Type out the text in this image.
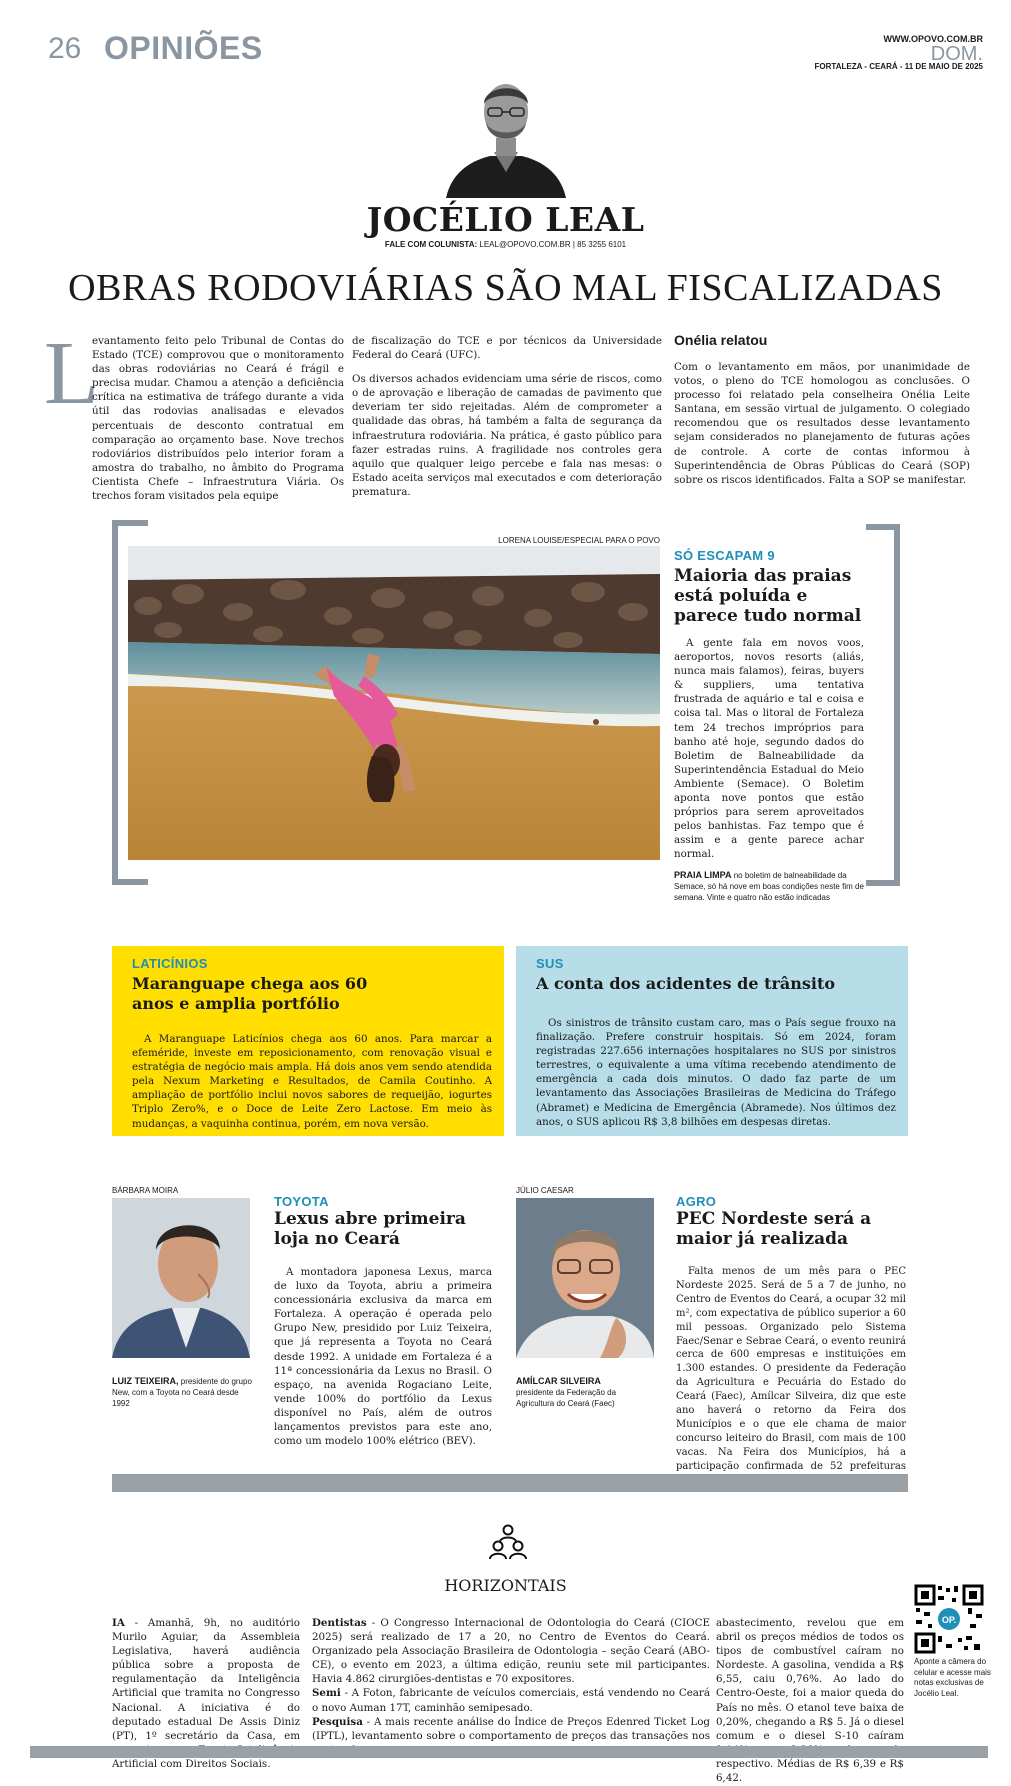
26 OPINIÕES	WWW.OPOVO.COM.BR
DOM.
FORTALEZA - CEARÁ - 11 DE MAIO DE 2025
JOCÉLIO LEAL
FALE COM COLUNISTA: LEAL@OPOVO.COM.BR | 85 3255 6101
OBRAS RODOVIÁRIAS SÃO MAL FISCALIZADAS
L
evantamento feito pelo Tribunal de Contas do Estado (TCE) comprovou que o monitoramento das obras rodoviárias no Ceará é frágil e precisa mudar. Chamou a atenção a deficiência crítica na estimativa de tráfego durante a vida útil das rodovias analisadas e elevados percentuais de desconto contratual em comparação ao orçamento base. Nove trechos rodoviários distribuídos pelo interior foram a amostra do trabalho, no âmbito do Programa Cientista Chefe – Infraestrutura Viária. Os trechos foram visitados pela equipe

de fiscalização do TCE e por técnicos da Universidade Federal do Ceará (UFC).

Os diversos achados evidenciam uma série de riscos, como o de aprovação e liberação de camadas de pavimento que deveriam ter sido rejeitadas. Além de comprometer a qualidade das obras, há também a falta de segurança da infraestrutura rodoviária. Na prática, é gasto público para fazer estradas ruins. A fragilidade nos controles gera aquilo que qualquer leigo percebe e fala nas mesas: o Estado aceita serviços mal executados e com deterioração prematura.

Onélia relatou

Com o levantamento em mãos, por unanimidade de votos, o pleno do TCE homologou as conclusões. O processo foi relatado pela conselheira Onélia Leite Santana, em sessão virtual de julgamento. O colegiado recomendou que os resultados desse levantamento sejam considerados no planejamento de futuras ações de controle. A corte de contas informou à Superintendência de Obras Públicas do Ceará (SOP) sobre os riscos identificados. Falta a SOP se manifestar.

LORENA LOUISE/ESPECIAL PARA O POVO
SÓ ESCAPAM 9
Maioria das praias está poluída e parece tudo normal

A gente fala em novos voos, aeroportos, novos resorts (aliás, nunca mais falamos), feiras, buyers & suppliers, uma tentativa frustrada de aquário e tal e coisa e coisa tal. Mas o litoral de Fortaleza tem 24 trechos impróprios para banho até hoje, segundo dados do Boletim de Balneabilidade da Superintendência Estadual do Meio Ambiente (Semace). O Boletim aponta nove pontos que estão próprios para serem aproveitados pelos banhistas. Faz tempo que é assim e a gente parece achar normal.

PRAIA LIMPA no boletim de balneabilidade da Semace, só há nove em boas condições neste fim de semana. Vinte e quatro não estão indicadas

LATICÍNIOS
Maranguape chega aos 60 anos e amplia portfólio

A Maranguape Laticínios chega aos 60 anos. Para marcar a efeméride, investe em reposicionamento, com renovação visual e estratégia de negócio mais ampla. Há dois anos vem sendo atendida pela Nexum Marketing e Resultados, de Camila Coutinho. A ampliação de portfólio inclui novos sabores de requeijão, iogurtes Triplo Zero%, e o Doce de Leite Zero Lactose. Em meio às mudanças, a vaquinha continua, porém, em nova versão.

SUS
A conta dos acidentes de trânsito

Os sinistros de trânsito custam caro, mas o País segue frouxo na finalização. Prefere construir hospitais. Só em 2024, foram registradas 227.656 internações hospitalares no SUS por sinistros terrestres, o equivalente a uma vítima recebendo atendimento de emergência a cada dois minutos. O dado faz parte de um levantamento das Associações Brasileiras de Medicina do Tráfego (Abramet) e Medicina de Emergência (Abramede). Nos últimos dez anos, o SUS aplicou R$ 3,8 bilhões em despesas diretas.

BÁRBARA MOIRA

LUIZ TEIXEIRA, presidente do grupo New, com a Toyota no Ceará desde 1992

TOYOTA
Lexus abre primeira loja no Ceará

A montadora japonesa Lexus, marca de luxo da Toyota, abriu a primeira concessionária exclusiva da marca em Fortaleza. A operação é operada pelo Grupo New, presidido por Luiz Teixeira, que já representa a Toyota no Ceará desde 1992. A unidade em Fortaleza é a 11ª concessionária da Lexus no Brasil. O espaço, na avenida Rogaciano Leite, vende 100% do portfólio da Lexus disponível no País, além de outros lançamentos previstos para este ano, como um modelo 100% elétrico (BEV).

JÚLIO CAESAR
AMÍLCAR SILVEIRA
presidente da Federação da Agricultura do Ceará (Faec)
AGRO
PEC Nordeste será a maior já realizada

Falta menos de um mês para o PEC Nordeste 2025. Será de 5 a 7 de junho, no Centro de Eventos do Ceará, a ocupar 32 mil m², com expectativa de público superior a 60 mil pessoas. Organizado pelo Sistema Faec/Senar e Sebrae Ceará, o evento reunirá cerca de 600 empresas e instituições em 1.300 estandes. O presidente da Federação da Agricultura e Pecuária do Estado do Ceará (Faec), Amílcar Silveira, diz que este ano haverá o retorno da Feira dos Municípios e o que ele chama de maior concurso leiteiro do Brasil, com mais de 100 vacas. Na Feira dos Municípios, há a participação confirmada de 52 prefeituras

HORIZONTAIS

IA - Amanhã, 9h, no auditório Murilo Aguiar, da Assembleia Legislativa, haverá audiência pública sobre a proposta de regulamentação da Inteligência Artificial que tramita no Congresso Nacional. A iniciativa é do deputado estadual De Assis Diniz (PT), 1º secretário da Casa, em Artificial com Direitos Sociais.

Dentistas - O Congresso Internacional de Odontologia do Ceará (CIOCE 2025) será realizado de 17 a 20, no Centro de Eventos do Ceará. Organizado pela Associação Brasileira de Odontologia – seção Ceará (ABO-CE), o evento em 2023, a última edição, reuniu sete mil participantes. Havia 4.862 cirurgiões-dentistas e 70 expositores.

Semi - A Foton, fabricante de veículos comerciais, está vendendo no Ceará o novo Auman 17T, caminhão semipesado.

Pesquisa - A mais recente análise do Índice de Preços Edenred Ticket Log (IPTL), levantamento sobre o comportamento de preços das transações nos

abastecimento, revelou que em abril os preços médios de todos os tipos de combustível caíram no Nordeste. A gasolina, vendida a R$ 6,55, caiu 0,76%. Ao lado do Centro-Oeste, foi a maior queda do País no mês. O etanol teve baixa de 0,20%, chegando a R$ 5. Já o diesel comum e o diesel S-10 caíram respectivo. Médias de R$ 6,39 e R$ 6,42.

OP.
Aponte a câmera do celular e acesse mais notas exclusivas de Jocélio Leal.
